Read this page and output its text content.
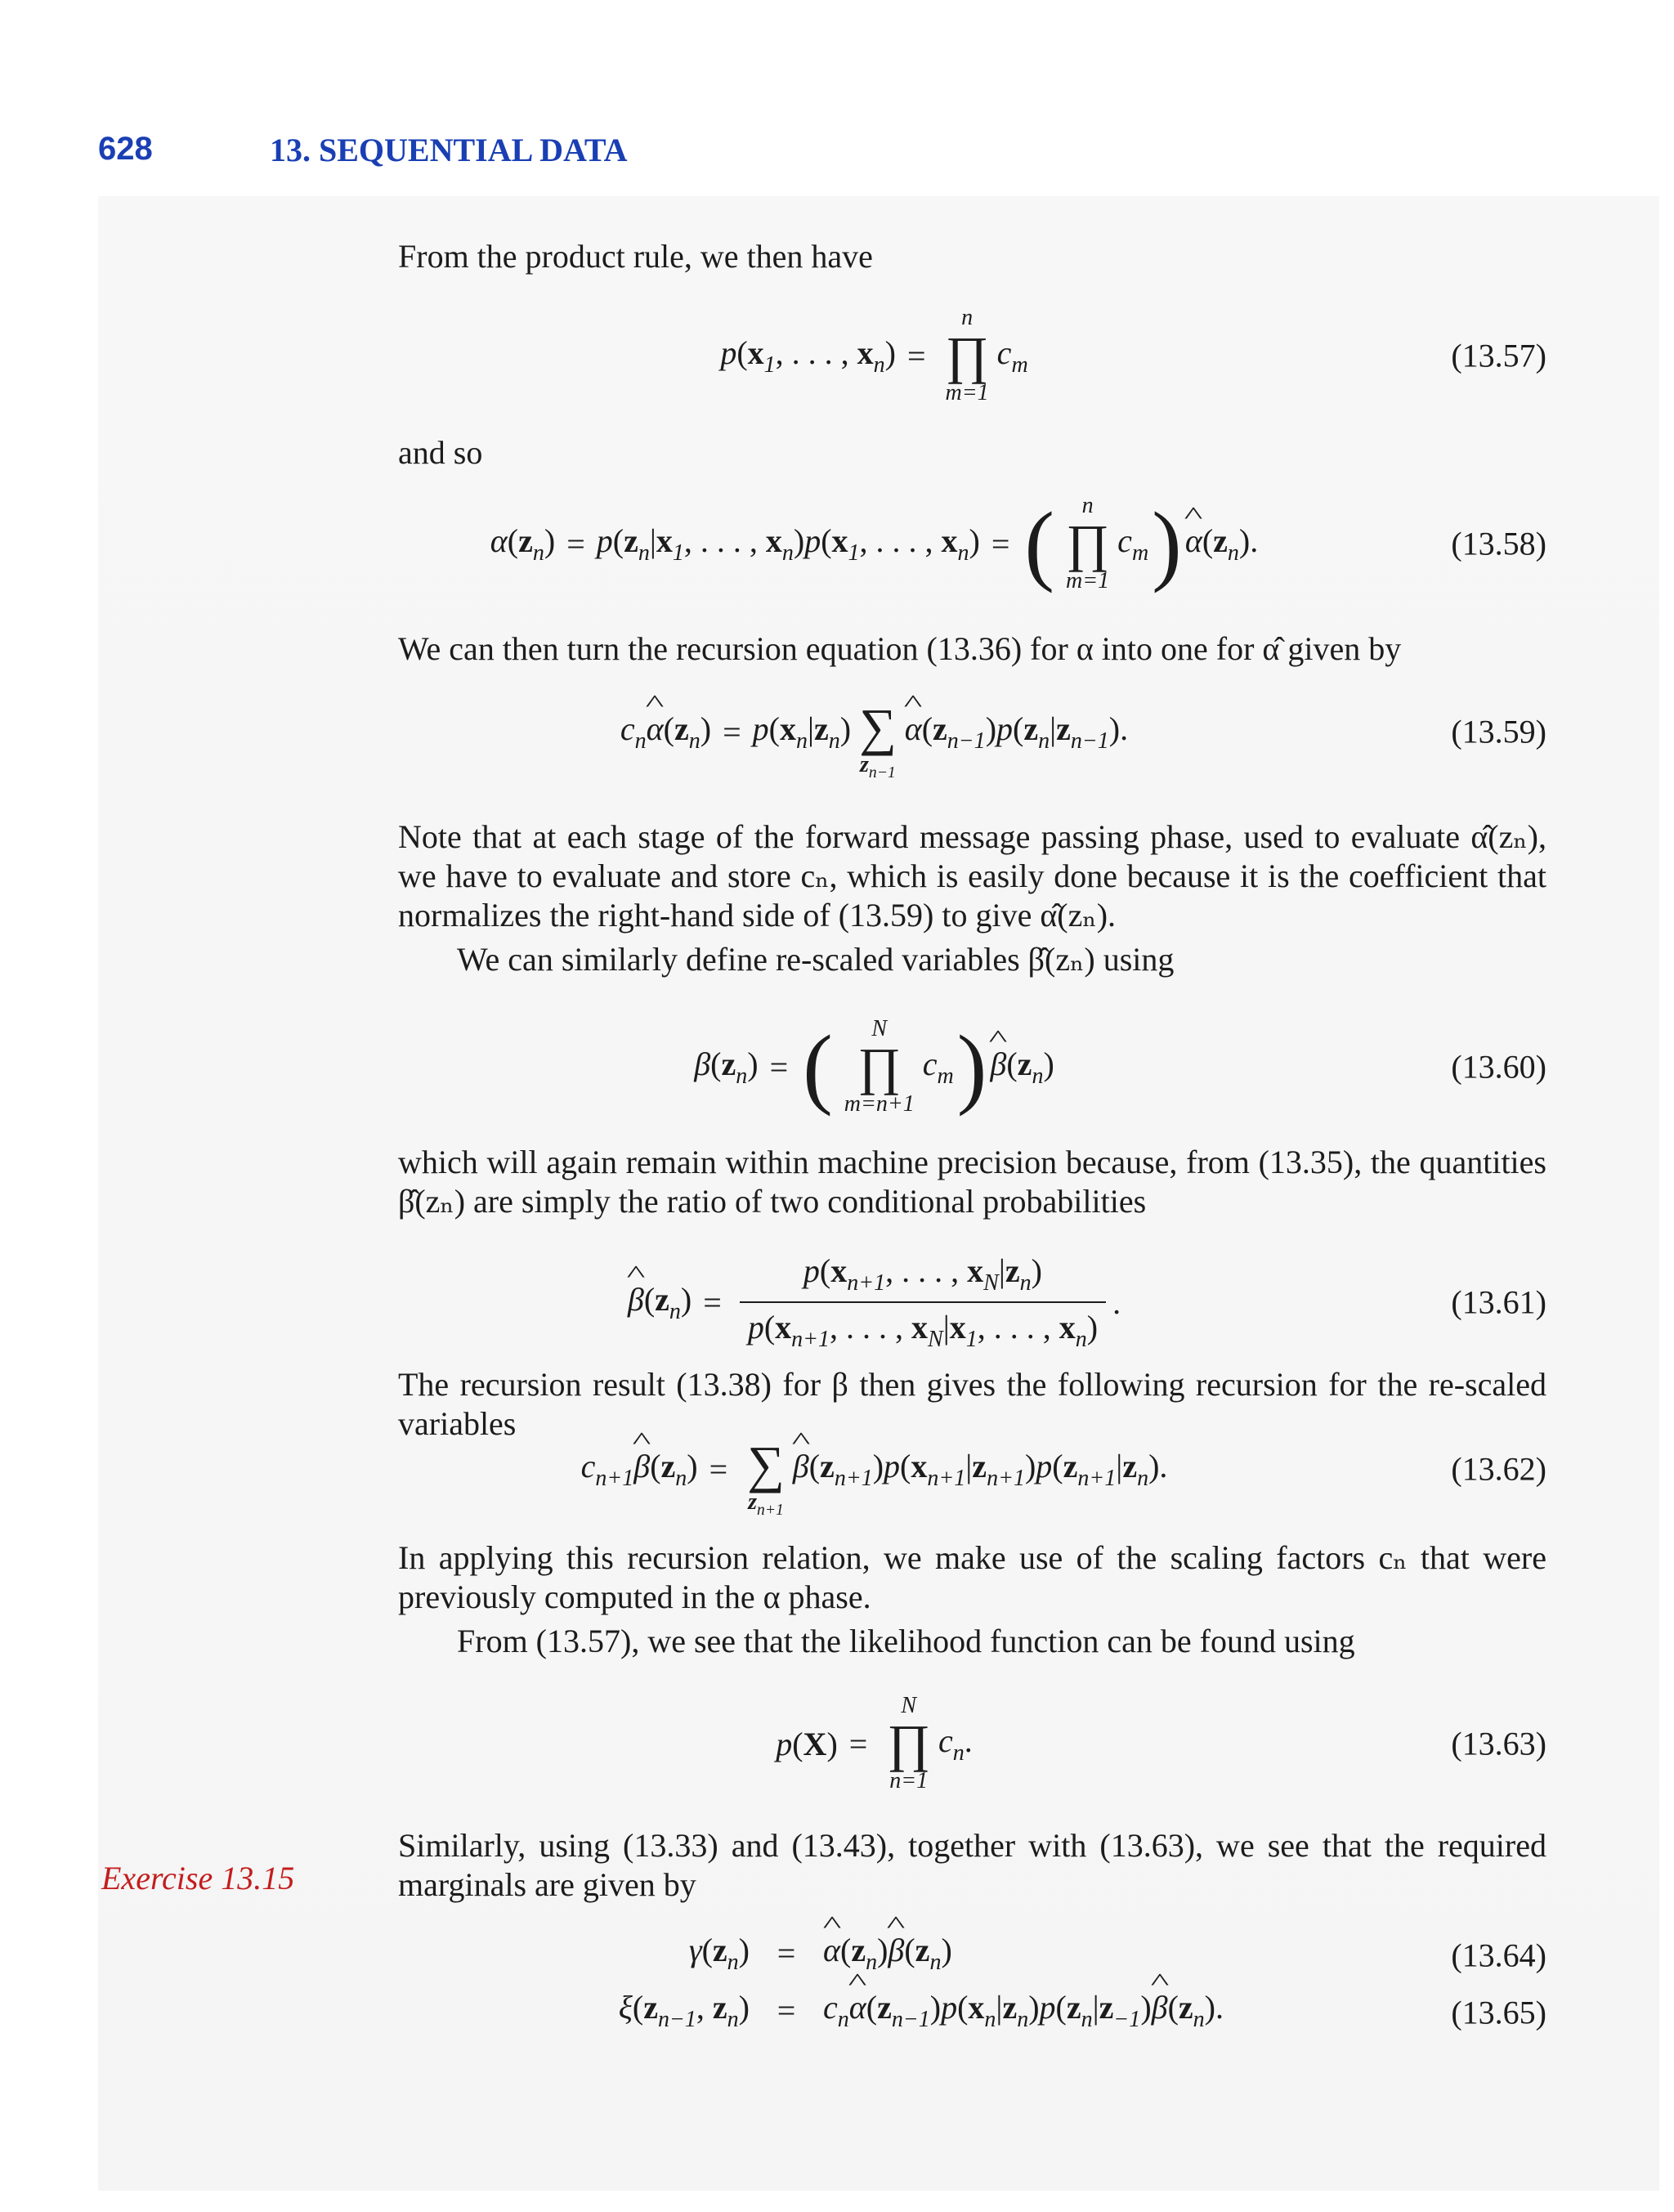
628	13. SEQUENTIAL DATA
Exercise 13.15
From the product rule, we then have
$p(x_1$, . . . , $x_n$) =
n
∏
m=1
$c_m$	(13.57)
and so
$\alpha(z_n) = p(z_n|x_1$, . . . , $x_n)p(x_1$, . . . , $x_n$) = ( n
∏
m=1
$c_m$ ) ^ $\alpha(z_n)$.	(13.58)
We can then turn the recursion equation (13.36) for α into one for α̂ given by
$c_n\^{}$ $\alpha(z_n) = p(x_n|z_n)$
∑
$z_{n-1}$
^ $\alpha(z_{n-1})p(z_n|z_{n-1})$.	(13.59)
Note that at each stage of the forward message passing phase, used to evaluate α̂(zₙ), we have to evaluate and store cₙ, which is easily done because it is the coefficient that normalizes the right-hand side of (13.59) to give α̂(zₙ).
We can similarly define re-scaled variables β̂(zₙ) using
$\beta(z_n)$ = ( N
∏
m=n+1
$c_m$ ) ^ $\beta(z_n)$	(13.60)
which will again remain within machine precision because, from (13.35), the quantities β̂(zₙ) are simply the ratio of two conditional probabilities
^ $\beta(z_n) = \frac{p(x_{n+1}, . . . , x_N|z_n)}{p(x_{n+1}, . . . , x_N|x_1, . . . , x_n)}$ .	(13.61)
The recursion result (13.38) for β then gives the following recursion for the re-scaled variables
$c_{n+1}\^{}$ $\beta(z_n)$ =
∑
$z_{n+1}$
^ $\beta(z_{n+1})p(x_{n+1}|z_{n+1})p(z_{n+1}|z_n)$.	(13.62)
In applying this recursion relation, we make use of the scaling factors cₙ that were previously computed in the α phase.
From (13.57), we see that the likelihood function can be found using
p(X) =
N
∏
n=1
$c_n$.	(13.63)
Similarly, using (13.33) and (13.43), together with (13.63), we see that the required marginals are given by
$\gamma(z_n)$ = ^ $\alpha(z_n)\^{}$ $\beta(z_n)$	(13.64)
$\xi(z_{n-1}$, $z_n$) = $c_n\^{}$ $\alpha(z_{n-1})p(x_n|z_n)p(z_n|z_{-1})\^{}$ $\beta(z_n)$.	(13.65)
